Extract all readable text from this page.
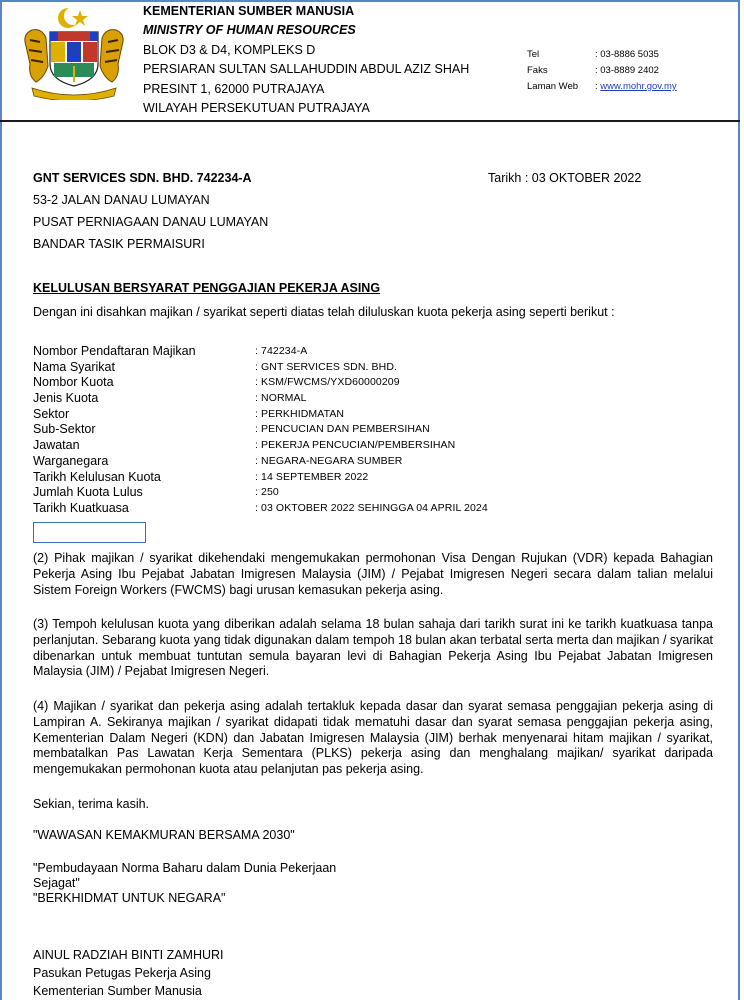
KEMENTERIAN SUMBER MANUSIA
MINISTRY OF HUMAN RESOURCES
BLOK D3 & D4, KOMPLEKS D
PERSIARAN SULTAN SALLAHUDDIN ABDUL AZIZ SHAH
PRESINT 1, 62000 PUTRAJAYA
WILAYAH PERSEKUTUAN PUTRAJAYA
Tel	: 03-8886 5035
Faks	: 03-8889 2402
Laman Web	: www.mohr.gov.my
GNT SERVICES SDN. BHD. 742234-A	Tarikh : 03 OKTOBER 2022
53-2 JALAN DANAU LUMAYAN
PUSAT PERNIAGAAN DANAU LUMAYAN
BANDAR TASIK PERMAISURI
KELULUSAN BERSYARAT PENGGAJIAN PEKERJA ASING
Dengan ini disahkan majikan / syarikat seperti diatas telah diluluskan kuota pekerja asing seperti berikut :
Nombor Pendaftaran Majikan	: 742234-A
Nama Syarikat	: GNT SERVICES SDN. BHD.
Nombor Kuota	: KSM/FWCMS/YXD60000209
Jenis Kuota	: NORMAL
Sektor	: PERKHIDMATAN
Sub-Sektor	: PENCUCIAN DAN PEMBERSIHAN
Jawatan	: PEKERJA PENCUCIAN/PEMBERSIHAN
Warganegara	: NEGARA-NEGARA SUMBER
Tarikh Kelulusan Kuota	: 14 SEPTEMBER 2022
Jumlah Kuota Lulus	: 250
Tarikh Kuatkuasa	: 03 OKTOBER 2022 SEHINGGA 04 APRIL 2024
(2) Pihak majikan / syarikat dikehendaki mengemukakan permohonan Visa Dengan Rujukan (VDR) kepada Bahagian Pekerja Asing Ibu Pejabat Jabatan Imigresen Malaysia (JIM) / Pejabat Imigresen Negeri secara dalam talian melalui Sistem Foreign Workers (FWCMS) bagi urusan kemasukan pekerja asing.
(3) Tempoh kelulusan kuota yang diberikan adalah selama 18 bulan sahaja dari tarikh surat ini ke tarikh kuatkuasa tanpa perlanjutan. Sebarang kuota yang tidak digunakan dalam tempoh 18 bulan akan terbatal serta merta dan majikan / syarikat dibenarkan untuk membuat tuntutan semula bayaran levi di Bahagian Pekerja Asing Ibu Pejabat Jabatan Imigresen Malaysia (JIM) / Pejabat Imigresen Negeri.
(4) Majikan / syarikat dan pekerja asing adalah tertakluk kepada dasar dan syarat semasa penggajian pekerja asing di Lampiran A. Sekiranya majikan / syarikat didapati tidak mematuhi dasar dan syarat semasa penggajian pekerja asing, Kementerian Dalam Negeri (KDN) dan Jabatan Imigresen Malaysia (JIM) berhak menyenarai hitam majikan / syarikat, membatalkan Pas Lawatan Kerja Sementara (PLKS) pekerja asing dan menghalang majikan/ syarikat daripada mengemukakan permohonan kuota atau pelanjutan pas pekerja asing.
Sekian, terima kasih.
"WAWASAN KEMAKMURAN BERSAMA 2030"
"Pembudayaan Norma Baharu dalam Dunia Pekerjaan
Sejagat"
"BERKHIDMAT UNTUK NEGARA"
AINUL RADZIAH BINTI ZAMHURI
Pasukan Petugas Pekerja Asing
Kementerian Sumber Manusia
